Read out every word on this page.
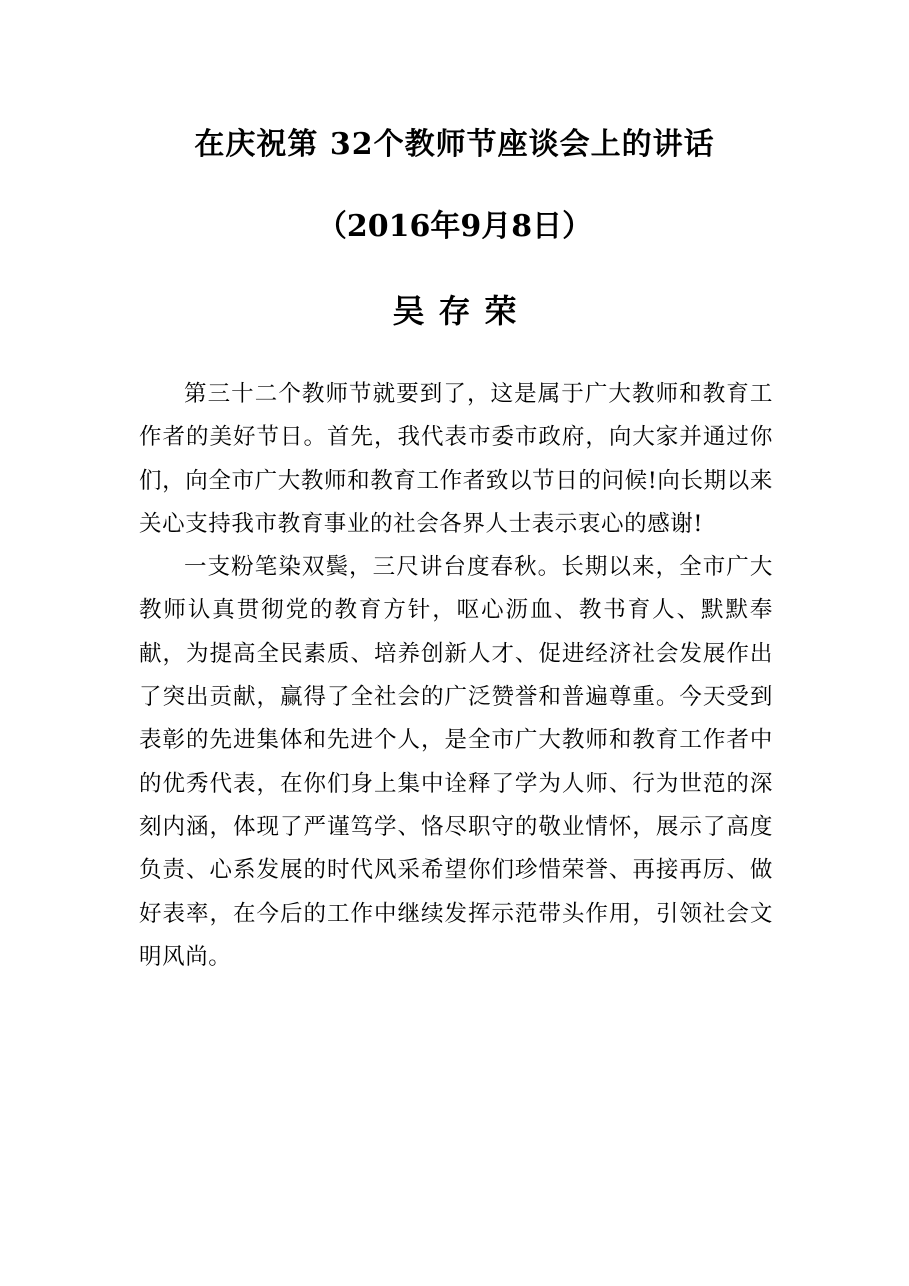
在庆祝第 32个教师节座谈会上的讲话
（2016年9月8日）
吴存荣

第三十二个教师节就要到了，这是属于广大教师和教育工作者的美好节日。首先，我代表市委市政府，向大家并通过你们，向全市广大教师和教育工作者致以节日的问候!向长期以来关心支持我市教育事业的社会各界人士表示衷心的感谢!

一支粉笔染双鬓，三尺讲台度春秋。长期以来，全市广大教师认真贯彻党的教育方针，呕心沥血、教书育人、默默奉献，为提高全民素质、培养创新人才、促进经济社会发展作出了突出贡献，赢得了全社会的广泛赞誉和普遍尊重。今天受到表彰的先进集体和先进个人，是全市广大教师和教育工作者中的优秀代表，在你们身上集中诠释了学为人师、行为世范的深刻内涵，体现了严谨笃学、恪尽职守的敬业情怀，展示了高度负责、心系发展的时代风采希望你们珍惜荣誉、再接再厉、做好表率，在今后的工作中继续发挥示范带头作用，引领社会文明风尚。
